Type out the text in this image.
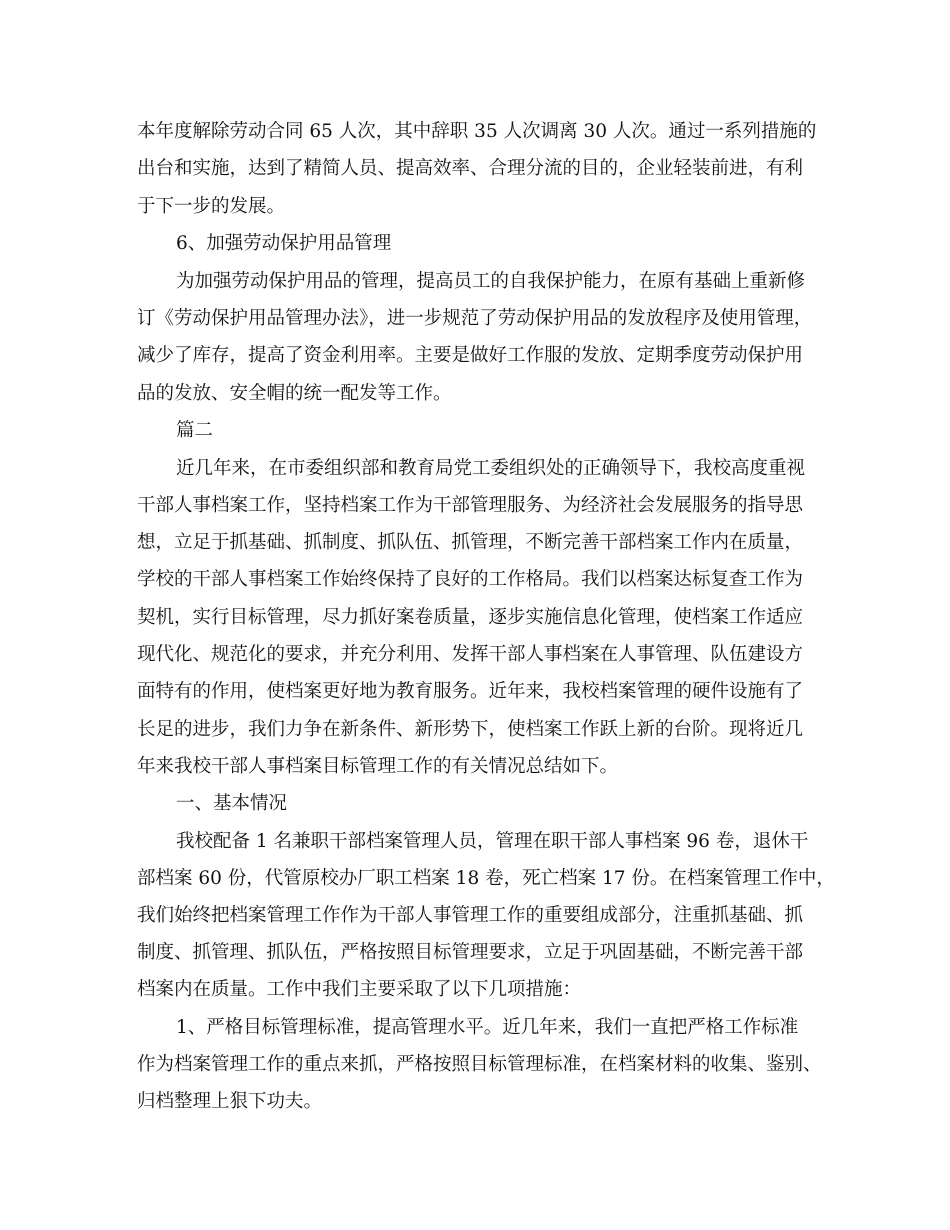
本年度解除劳动合同 65 人次，其中辞职 35 人次调离 30 人次。通过一系列措施的
出台和实施，达到了精简人员、提高效率、合理分流的目的，企业轻装前进，有利
于下一步的发展。
6、加强劳动保护用品管理
为加强劳动保护用品的管理，提高员工的自我保护能力，在原有基础上重新修
订《劳动保护用品管理办法》，进一步规范了劳动保护用品的发放程序及使用管理，
减少了库存，提高了资金利用率。主要是做好工作服的发放、定期季度劳动保护用
品的发放、安全帽的统一配发等工作。
篇二
近几年来，在市委组织部和教育局党工委组织处的正确领导下，我校高度重视
干部人事档案工作，坚持档案工作为干部管理服务、为经济社会发展服务的指导思
想，立足于抓基础、抓制度、抓队伍、抓管理，不断完善干部档案工作内在质量，
学校的干部人事档案工作始终保持了良好的工作格局。我们以档案达标复查工作为
契机，实行目标管理，尽力抓好案卷质量，逐步实施信息化管理，使档案工作适应
现代化、规范化的要求，并充分利用、发挥干部人事档案在人事管理、队伍建设方
面特有的作用，使档案更好地为教育服务。近年来，我校档案管理的硬件设施有了
长足的进步，我们力争在新条件、新形势下，使档案工作跃上新的台阶。现将近几
年来我校干部人事档案目标管理工作的有关情况总结如下。
一、基本情况
我校配备 1 名兼职干部档案管理人员，管理在职干部人事档案 96 卷，退休干
部档案 60 份，代管原校办厂职工档案 18 卷，死亡档案 17 份。在档案管理工作中，
我们始终把档案管理工作作为干部人事管理工作的重要组成部分，注重抓基础、抓
制度、抓管理、抓队伍，严格按照目标管理要求，立足于巩固基础，不断完善干部
档案内在质量。工作中我们主要采取了以下几项措施：
1、严格目标管理标准，提高管理水平。近几年来，我们一直把严格工作标准
作为档案管理工作的重点来抓，严格按照目标管理标准，在档案材料的收集、鉴别、
归档整理上狠下功夫。
